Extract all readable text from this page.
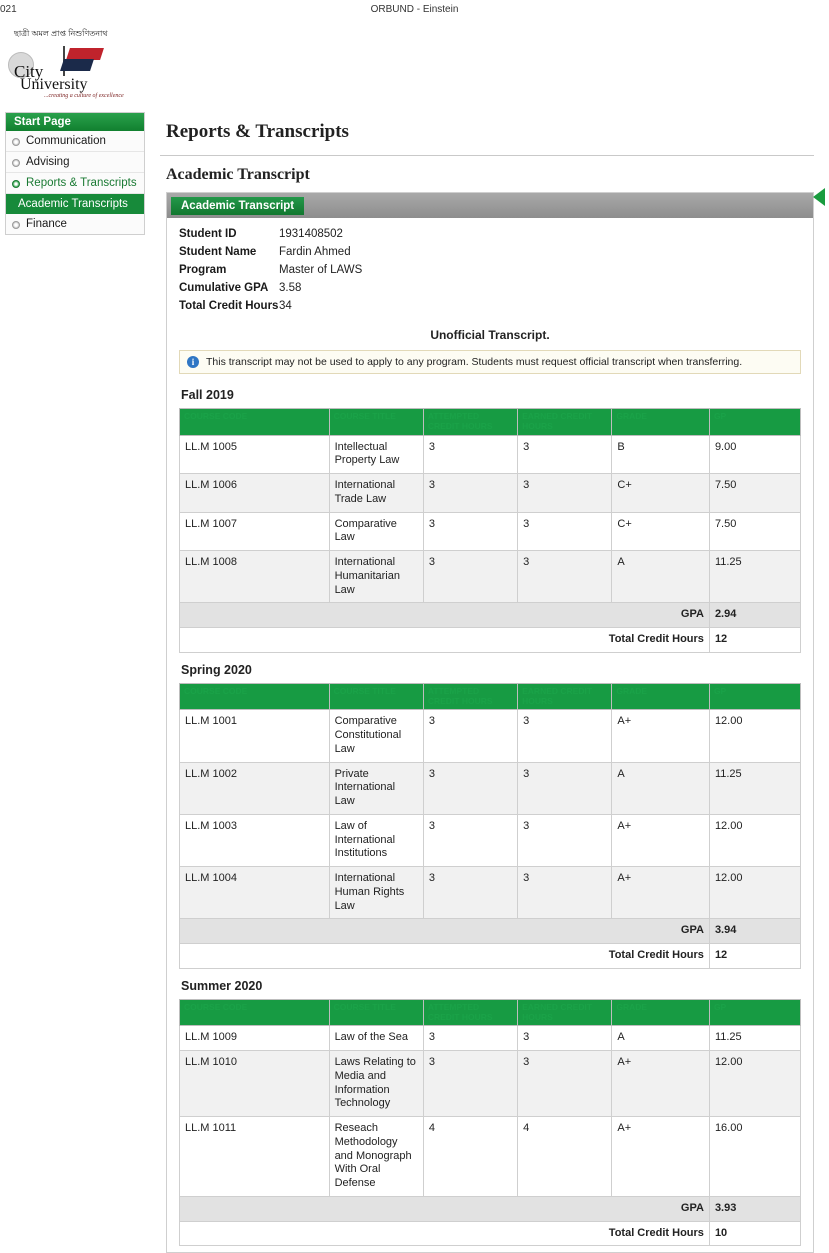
021	ORBUND - Einstein
ছাত্রী অমল প্রাপ্ত নিশুণিতনাথ
City
University
...creating a culture of excellence
Start Page
Communication
Advising
Reports & Transcripts
Academic Transcripts
Finance
Reports & Transcripts
Academic Transcript
Academic Transcript
Student ID	1931408502
Student Name Fardin Ahmed
Program	Master of LAWS
Cumulative GPA 3.58
Total Credit Hours34
Unofficial Transcript.
i	This transcript may not be used to apply to any program. Students must request official transcript when transferring.
Fall 2019
COURSE CODE	COURSE TITLE	ATTEMPTED CREDIT HOURS	EARNED CREDIT HOURS	GRADE	GP
LL.M 1005	Intellectual Property Law	3	3	B	9.00
LL.M 1006	International Trade Law	3	3	C+	7.50
LL.M 1007	Comparative Law	3	3	C+	7.50
LL.M 1008	International Humanitarian Law	3	3	A	11.25
GPA					2.94
Total Credit Hours					12
Spring 2020
COURSE CODE	COURSE TITLE	ATTEMPTED CREDIT HOURS	EARNED CREDIT HOURS	GRADE	GP
LL.M 1001	Comparative Constitutional Law	3	3	A+	12.00
LL.M 1002	Private International Law	3	3	A	11.25
LL.M 1003	Law of International Institutions	3	3	A+	12.00
LL.M 1004	International Human Rights Law	3	3	A+	12.00
GPA					3.94
Total Credit Hours					12
Summer 2020
COURSE CODE	COURSE TITLE	ATTEMPTED CREDIT HOURS	EARNED CREDIT HOURS	GRADE	GP
LL.M 1009	Law of the Sea	3	3	A	11.25
LL.M 1010	Laws Relating to Media and Information Technology	3	3	A+	12.00
LL.M 1011	Reseach Methodology and Monograph With Oral Defense	4	4	A+	16.00
GPA					3.93
Total Credit Hours					10
